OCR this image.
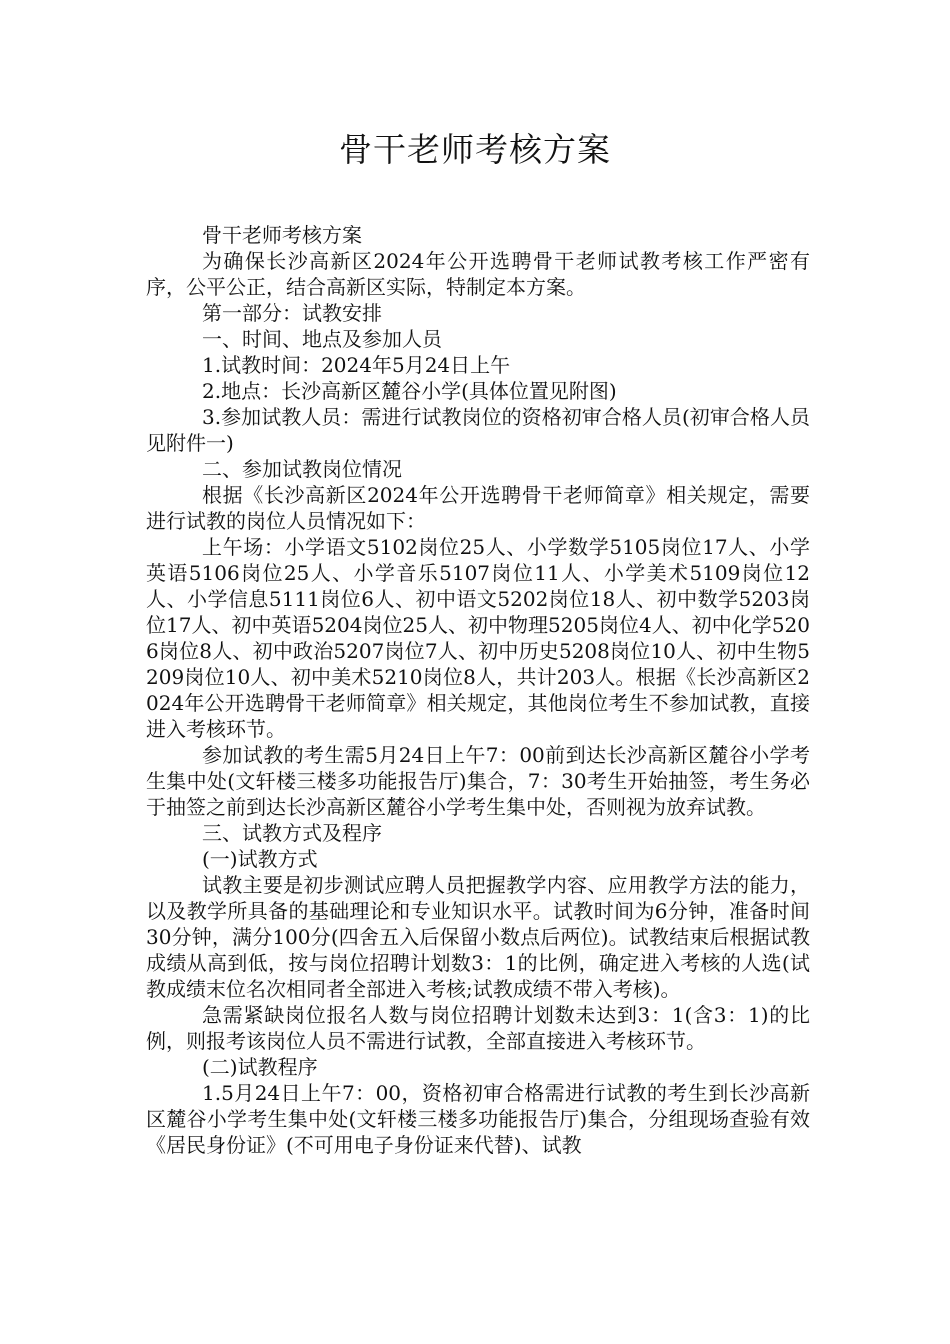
骨干老师考核方案

骨干老师考核方案

为确保长沙高新区2024年公开选聘骨干老师试教考核工作严密有序，公平公正，结合高新区实际，特制定本方案。

第一部分：试教安排

一、时间、地点及参加人员

1.试教时间：2024年5月24日上午

2.地点：长沙高新区麓谷小学(具体位置见附图)

3.参加试教人员：需进行试教岗位的资格初审合格人员(初审合格人员见附件一)

二、参加试教岗位情况

根据《长沙高新区2024年公开选聘骨干老师简章》相关规定，需要进行试教的岗位人员情况如下：

上午场：小学语文5102岗位25人、小学数学5105岗位17人、小学英语5106岗位25人、小学音乐5107岗位11人、小学美术5109岗位12人、小学信息5111岗位6人、初中语文5202岗位18人、初中数学5203岗位17人、初中英语5204岗位25人、初中物理5205岗位4人、初中化学5206岗位8人、初中政治5207岗位7人、初中历史5208岗位10人、初中生物5209岗位10人、初中美术5210岗位8人，共计203人。根据《长沙高新区2024年公开选聘骨干老师简章》相关规定，其他岗位考生不参加试教，直接进入考核环节。

参加试教的考生需5月24日上午7：00前到达长沙高新区麓谷小学考生集中处(文轩楼三楼多功能报告厅)集合，7：30考生开始抽签，考生务必于抽签之前到达长沙高新区麓谷小学考生集中处，否则视为放弃试教。

三、试教方式及程序

(一)试教方式

试教主要是初步测试应聘人员把握教学内容、应用教学方法的能力，以及教学所具备的基础理论和专业知识水平。试教时间为6分钟，准备时间30分钟，满分100分(四舍五入后保留小数点后两位)。试教结束后根据试教成绩从高到低，按与岗位招聘计划数3：1的比例，确定进入考核的人选(试教成绩末位名次相同者全部进入考核;试教成绩不带入考核)。

急需紧缺岗位报名人数与岗位招聘计划数未达到3：1(含3：1)的比例，则报考该岗位人员不需进行试教，全部直接进入考核环节。

(二)试教程序

1.5月24日上午7：00，资格初审合格需进行试教的考生到长沙高新区麓谷小学考生集中处(文轩楼三楼多功能报告厅)集合，分组现场查验有效《居民身份证》(不可用电子身份证来代替)、试教
